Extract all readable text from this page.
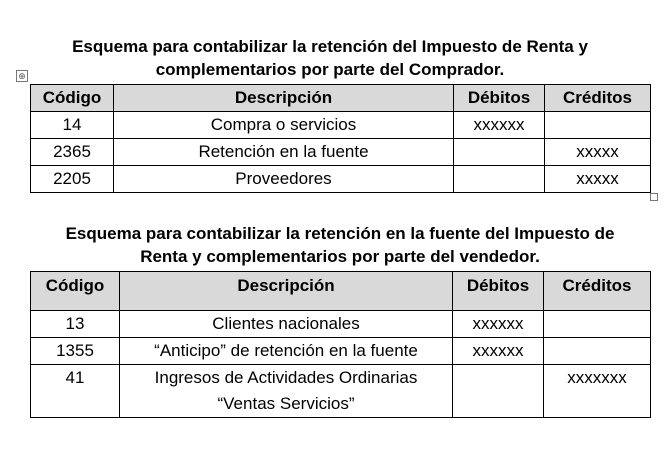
Esquema para contabilizar la retención del Impuesto de Renta y
complementarios por parte del Comprador.
⊕
Código	Descripción	Débitos	Créditos
14	Compra o servicios	xxxxxx	
2365	Retención en la fuente		xxxxx
2205	Proveedores		xxxxx
Esquema para contabilizar la retención en la fuente del Impuesto de
Renta y complementarios por parte del vendedor.
Código	Descripción	Débitos	Créditos
13	Clientes nacionales	xxxxxx	
1355	“Anticipo” de retención en la fuente	xxxxxx	
41	Ingresos de Actividades Ordinarias “Ventas Servicios”		xxxxxxx
